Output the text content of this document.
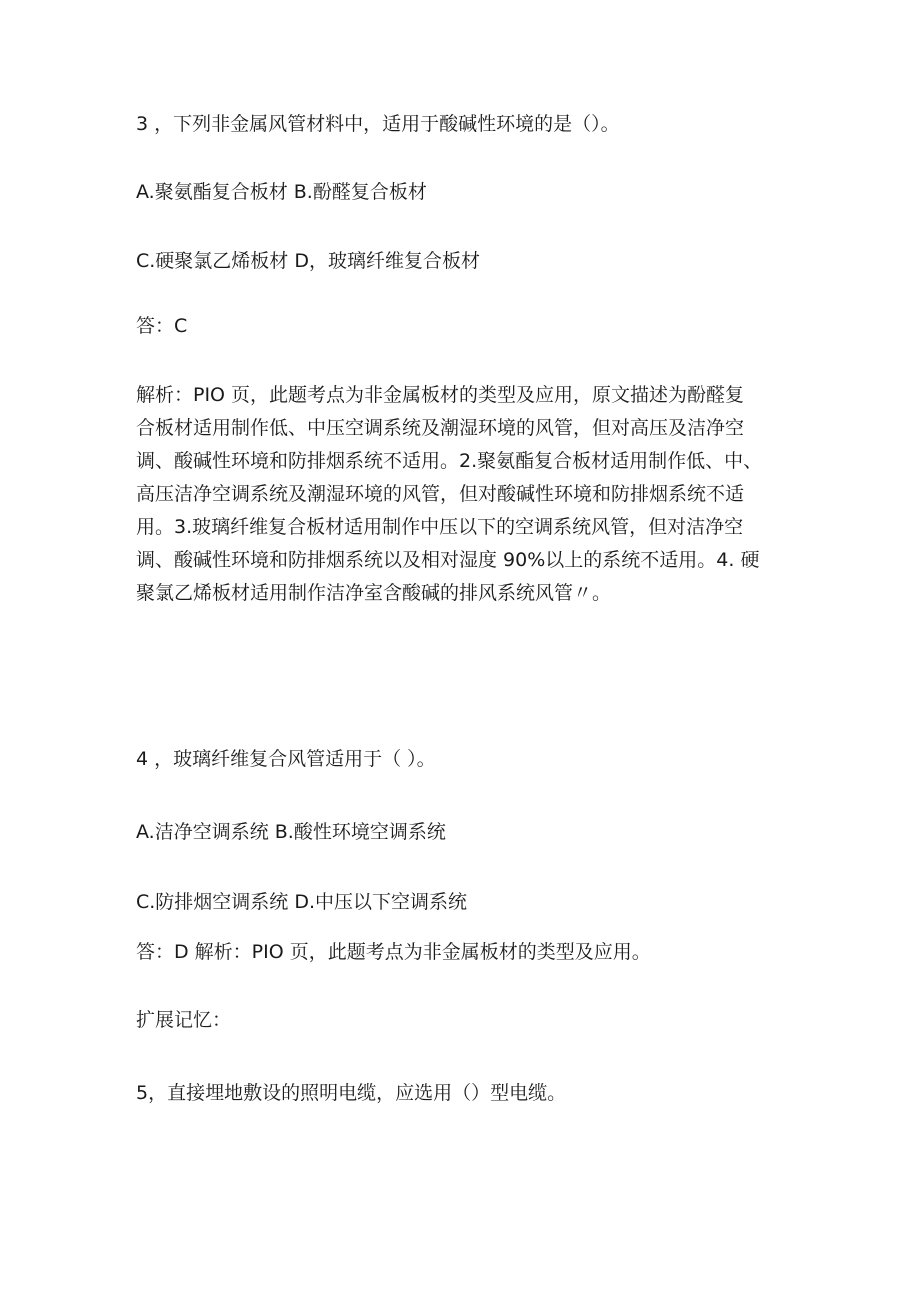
3 ，下列非金属风管材料中，适用于酸碱性环境的是（）。
A.聚氨酯复合板材 B.酚醛复合板材
C.硬聚氯乙烯板材 D，玻璃纤维复合板材
答：C
解析：PIO 页，此题考点为非金属板材的类型及应用，原文描述为酚醛复
合板材适用制作低、中压空调系统及潮湿环境的风管，但对高压及洁净空
调、酸碱性环境和防排烟系统不适用。2.聚氨酯复合板材适用制作低、中、
高压洁净空调系统及潮湿环境的风管，但对酸碱性环境和防排烟系统不适
用。3.玻璃纤维复合板材适用制作中压以下的空调系统风管，但对洁净空
调、酸碱性环境和防排烟系统以及相对湿度 90%以上的系统不适用。4. 硬
聚氯乙烯板材适用制作洁净室含酸碱的排风系统风管〃。
4 ，玻璃纤维复合风管适用于（ ）。
A.洁净空调系统 B.酸性环境空调系统
C.防排烟空调系统 D.中压以下空调系统
答：D 解析：PIO 页，此题考点为非金属板材的类型及应用。
扩展记忆：
5，直接埋地敷设的照明电缆，应选用（）型电缆。
